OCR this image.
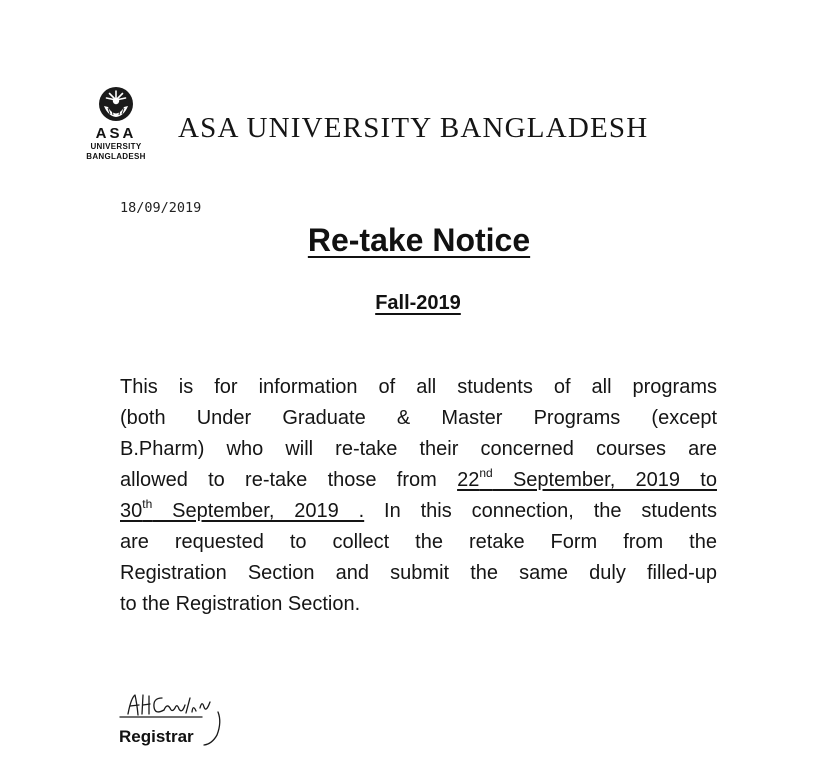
ASA
UNIVERSITY
BANGLADESH
ASA UNIVERSITY BANGLADESH
18/09/2019
Re-take Notice
Fall-2019
This is for information of all students of all programs
(both Under Graduate & Master Programs (except
B.Pharm) who will re-take their concerned courses are
allowed to re-take those from 22nd September, 2019 to
30th September, 2019 . In this connection, the students
are requested to collect the retake Form from the
Registration Section and submit the same duly filled-up
to the Registration Section.
Registrar
